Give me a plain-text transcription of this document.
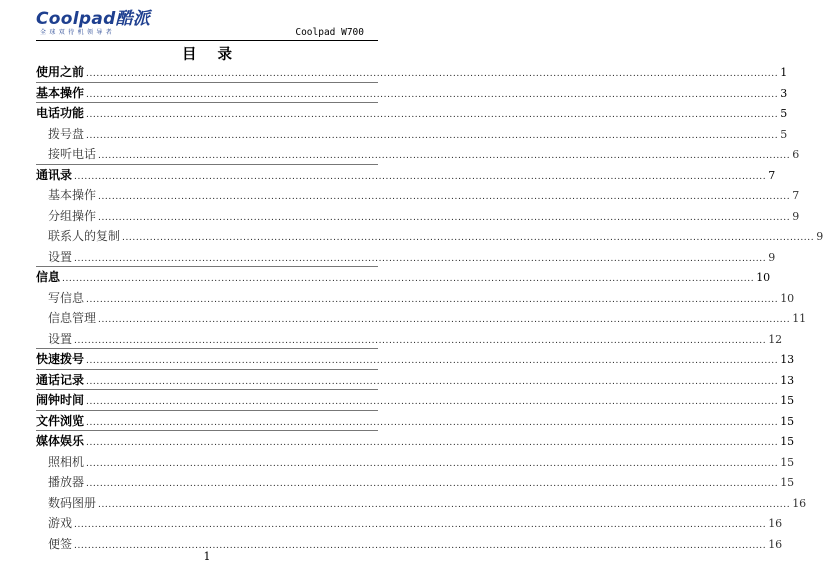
Coolpad酷派
全球双待机领导者	Coolpad W700
目 录
使用之前 ........................................................................................................................................................................................................ 1
基本操作 ........................................................................................................................................................................................................ 3
电话功能 ........................................................................................................................................................................................................ 5
拨号盘 ........................................................................................................................................................................................................ 5
接听电话 ........................................................................................................................................................................................................ 6
通讯录 ........................................................................................................................................................................................................ 7
基本操作 ........................................................................................................................................................................................................ 7
分组操作 ........................................................................................................................................................................................................ 9
联系人的复制 ........................................................................................................................................................................................................ 9
设置 ........................................................................................................................................................................................................ 9
信息 ........................................................................................................................................................................................................ 10
写信息 ........................................................................................................................................................................................................ 10
信息管理 ........................................................................................................................................................................................................ 11
设置 ........................................................................................................................................................................................................ 12
快速拨号 ........................................................................................................................................................................................................ 13
通话记录 ........................................................................................................................................................................................................ 13
闹钟时间 ........................................................................................................................................................................................................ 15
文件浏览 ........................................................................................................................................................................................................ 15
媒体娱乐 ........................................................................................................................................................................................................ 15
照相机 ........................................................................................................................................................................................................ 15
播放器 ........................................................................................................................................................................................................ 15
数码图册 ........................................................................................................................................................................................................ 16
游戏 ........................................................................................................................................................................................................ 16
便签 ........................................................................................................................................................................................................ 16
1
